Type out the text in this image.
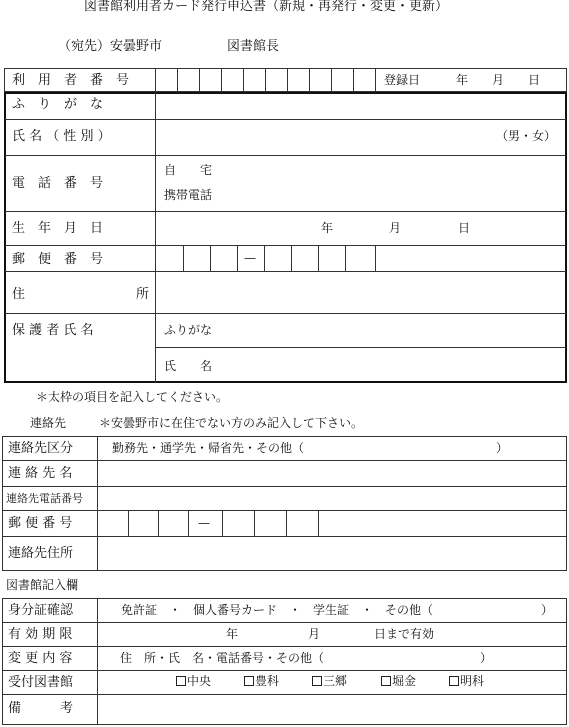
図書館利用者カード発行申込書（新規・再発行・変更・更新）
（宛先）安曇野市	図書館長
利　用　者　番　号	登録日　　　年　　月　　日
ふ　り　が　な
氏 名 （ 性 別 ）	（男・女）
電　話　番　号
自　　宅
携帯電話
生　年　月　日	年	月	日
郵　便　番　号	—
住	所
保 護 者 氏 名	ふりがな
氏　　名
＊太枠の項目を記入してください。
連絡先	＊安曇野市に在住でない方のみ記入して下さい。
連絡先区分	勤務先・通学先・帰省先・その他（　　　　　　　　　　　　　　　　）
連 絡 先 名
連絡先電話番号
郵 便 番 号	—
連絡先住所
図書館記入欄
身分証確認	免許証　・　個人番号カード　・　学生証　・　その他（　　　　　　　　　）
有 効 期 限	年	月	日まで有効
変 更 内 容	住　所・氏　名・電話番号・その他（　　　　　　　　　　　　　）
受付図書館	中央	豊科	三郷	堀金	明科
備　　　考
